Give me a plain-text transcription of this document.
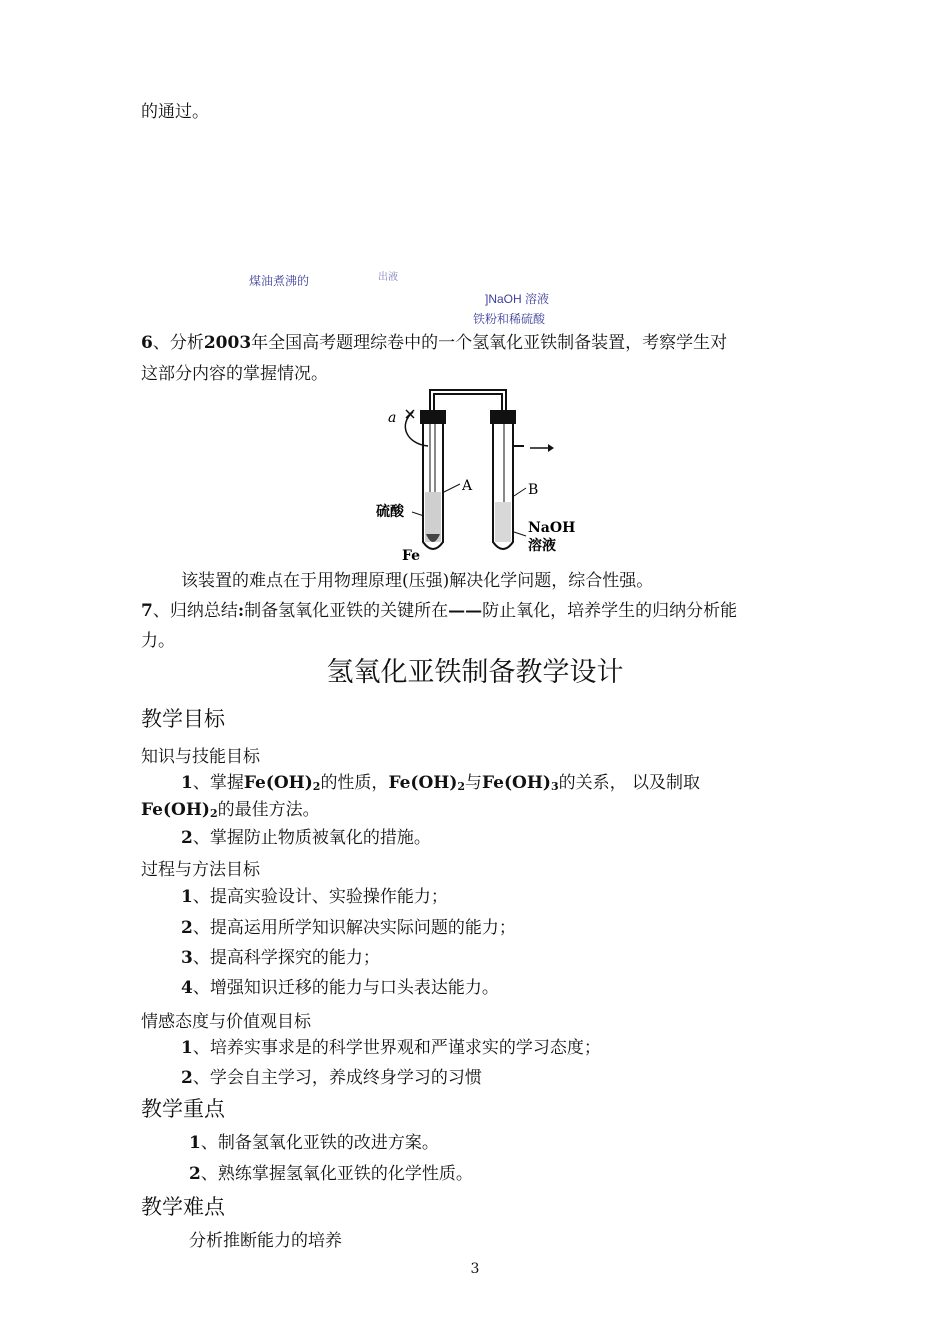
的通过。
煤油煮沸的	出液
]NaOH 溶液
铁粉和稀硫酸
6、分析2003年全国高考题理综卷中的一个氢氧化亚铁制备装置，考察学生对
这部分内容的掌握情况。
a
A	B
硫酸
Fe
NaOH
溶液
该装置的难点在于用物理原理(压强)解决化学问题，综合性强。
7、归纳总结:制备氢氧化亚铁的关键所在——防止氧化，培养学生的归纳分析能
力。
氢氧化亚铁制备教学设计
教学目标
知识与技能目标
1、掌握$Fe(OH)_2$的性质，$Fe(OH)_2$与$Fe(OH)_3$的关系， 以及制取
$Fe(OH)_2$的最佳方法。
2、掌握防止物质被氧化的措施。
过程与方法目标
1、提高实验设计、实验操作能力；
2、提高运用所学知识解决实际问题的能力；
3、提高科学探究的能力；
4、增强知识迁移的能力与口头表达能力。
情感态度与价值观目标
1、培养实事求是的科学世界观和严谨求实的学习态度；
2、学会自主学习，养成终身学习的习惯
教学重点
1、制备氢氧化亚铁的改进方案。
2、熟练掌握氢氧化亚铁的化学性质。
教学难点
分析推断能力的培养
3
